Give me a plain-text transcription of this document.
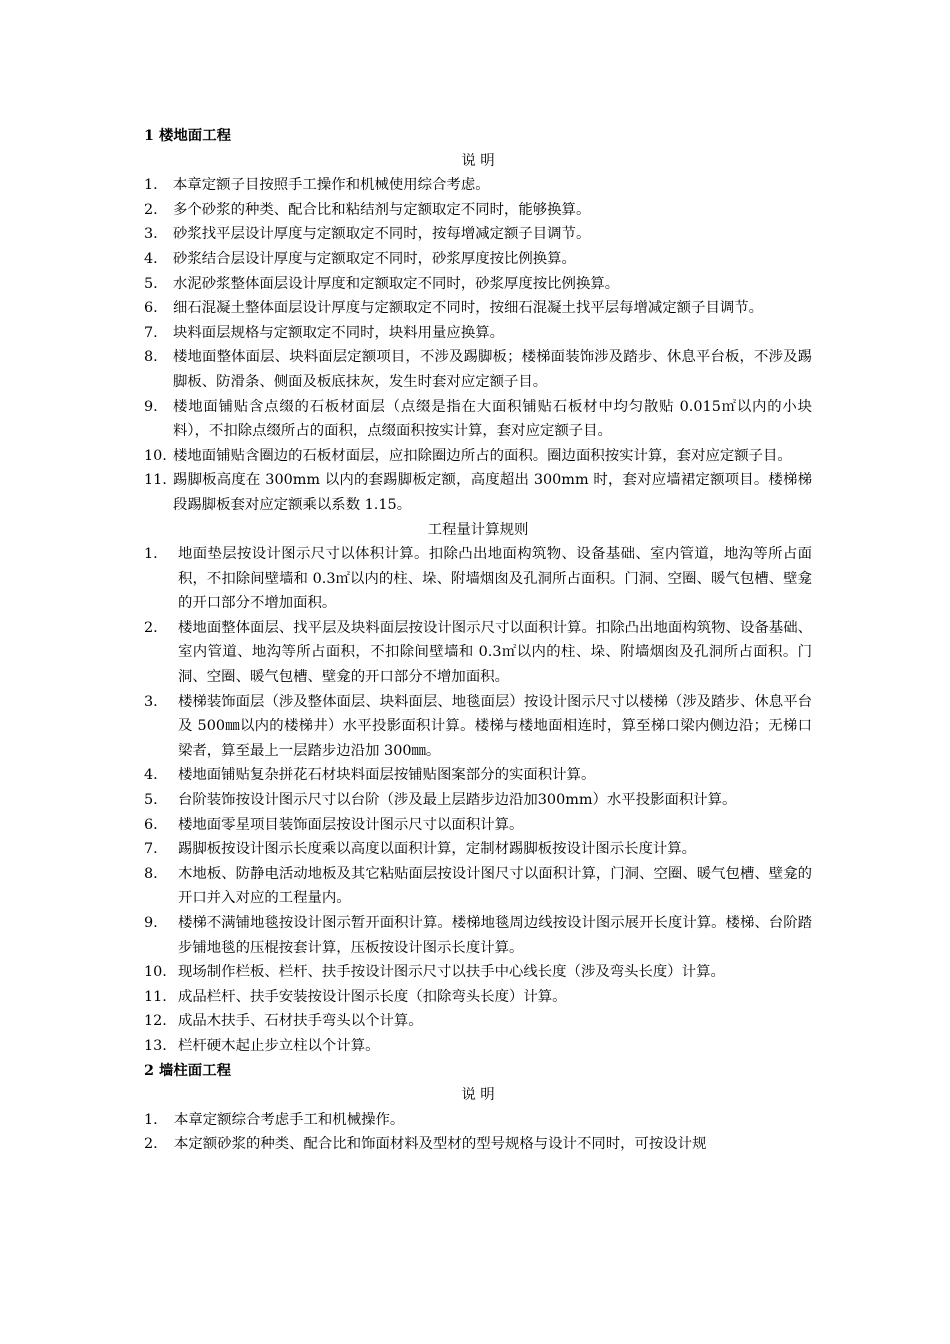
1 楼地面工程
说 明
1.	本章定额子目按照手工操作和机械使用综合考虑。
2.	多个砂浆的种类、配合比和粘结剂与定额取定不同时，能够换算。
3.	砂浆找平层设计厚度与定额取定不同时，按每增减定额子目调节。
4.	砂浆结合层设计厚度与定额取定不同时，砂浆厚度按比例换算。
5.	水泥砂浆整体面层设计厚度和定额取定不同时，砂浆厚度按比例换算。
6.	细石混凝土整体面层设计厚度与定额取定不同时，按细石混凝土找平层每增减定额子目调节。
7.	块料面层规格与定额取定不同时，块料用量应换算。
8.	楼地面整体面层、块料面层定额项目，不涉及踢脚板；楼梯面装饰涉及踏步、休息平台板，不涉及踢脚板、防滑条、侧面及板底抹灰，发生时套对应定额子目。
9.	楼地面铺贴含点缀的石板材面层（点缀是指在大面积铺贴石板材中均匀散贴 0.015㎡以内的小块料），不扣除点缀所占的面积，点缀面积按实计算，套对应定额子目。
10. 楼地面铺贴含圈边的石板材面层，应扣除圈边所占的面积。圈边面积按实计算，套对应定额子目。
11. 踢脚板高度在 300mm 以内的套踢脚板定额，高度超出 300mm 时，套对应墙裙定额项目。楼梯梯段踢脚板套对应定额乘以系数 1.15。
工程量计算规则
1.	地面垫层按设计图示尺寸以体积计算。扣除凸出地面构筑物、设备基础、室内管道，地沟等所占面积，不扣除间壁墙和 0.3㎡以内的柱、垛、附墙烟囱及孔洞所占面积。门洞、空圈、暖气包槽、壁龛的开口部分不增加面积。
2.	楼地面整体面层、找平层及块料面层按设计图示尺寸以面积计算。扣除凸出地面构筑物、设备基础、室内管道、地沟等所占面积，不扣除间壁墙和 0.3㎡以内的柱、垛、附墙烟囱及孔洞所占面积。门洞、空圈、暖气包槽、壁龛的开口部分不增加面积。
3.	楼梯装饰面层（涉及整体面层、块料面层、地毯面层）按设计图示尺寸以楼梯（涉及踏步、休息平台及 500㎜以内的楼梯井）水平投影面积计算。楼梯与楼地面相连时，算至梯口梁内侧边沿；无梯口梁者，算至最上一层踏步边沿加 300㎜。
4.	楼地面铺贴复杂拼花石材块料面层按铺贴图案部分的实面积计算。
5.	台阶装饰按设计图示尺寸以台阶（涉及最上层踏步边沿加300mm）水平投影面积计算。
6.	楼地面零星项目装饰面层按设计图示尺寸以面积计算。
7.	踢脚板按设计图示长度乘以高度以面积计算，定制材踢脚板按设计图示长度计算。
8.	木地板、防静电活动地板及其它粘贴面层按设计图尺寸以面积计算，门洞、空圈、暖气包槽、壁龛的开口并入对应的工程量内。
9.	楼梯不满铺地毯按设计图示暂开面积计算。楼梯地毯周边线按设计图示展开长度计算。楼梯、台阶踏步铺地毯的压棍按套计算，压板按设计图示长度计算。
10. 现场制作栏板、栏杆、扶手按设计图示尺寸以扶手中心线长度（涉及弯头长度）计算。
11. 成品栏杆、扶手安装按设计图示长度（扣除弯头长度）计算。
12. 成品木扶手、石材扶手弯头以个计算。
13. 栏杆硬木起止步立柱以个计算。
2 墙柱面工程
说 明
1.	本章定额综合考虑手工和机械操作。
2.	本定额砂浆的种类、配合比和饰面材料及型材的型号规格与设计不同时，可按设计规
